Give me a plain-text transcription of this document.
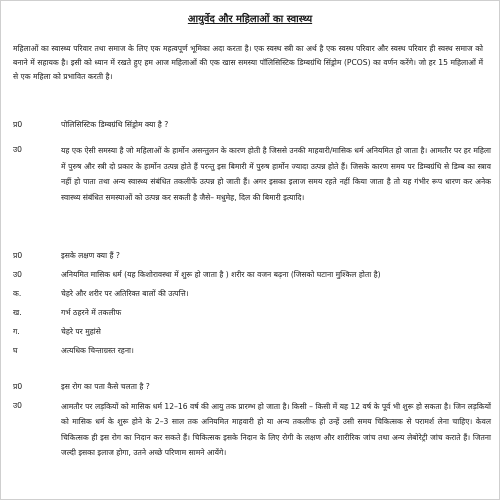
आयुर्वेद और महिलाओं का स्वास्थ्य

महिलाओं का स्वास्थ्य परिवार तथा समाज के लिए एक महत्वपूर्ण भूमिका अदा करता है। एक स्वस्थ स्त्री का अर्थ है एक स्वस्थ परिवार और स्वस्थ परिवार ही स्वस्थ समाज को बनाने में सहायक है। इसी को ध्यान में रखते हुए हम आज महिलाओं की एक खास समस्या पॉलिसिस्टिक डिम्बग्रंथि सिंड्रोम (PCOS) का वर्णन करेंगे। जो हर 15 महिलाओं में से एक महिला को प्रभावित करती है।

प्र0	पोलिसिस्टिक डिम्बग्रंथि सिंड्रोम क्या है ?

उ0	यह एक ऐसी समस्या है जो महिलाओं के हार्मोन असन्तुलन के कारण होती है जिससे उनकी माहवारी/मासिक धर्म अनियमित हो जाता है। आमतौर पर हर महिला में पुरुष और स्त्री दो प्रकार के हार्मोन उत्पन्न होते हैं परन्तु इस बिमारी में पुरुष हार्मोन ज्यादा उत्पन्न होते हैं। जिसके कारण समय पर डिम्बग्रंथि से डिम्ब का स्त्राव नहीं हो पाता तथा अन्य स्वास्थ्य संबंधित तकलीफें उत्पन्न हो जाती हैं। अगर इसका इलाज समय रहते नहीं किया जाता है तो यह गंभीर रूप धारण कर अनेक स्वास्थ्य संबंधित समस्याओं को उत्पन्न कर सकती है जैसे– मधुमेह, दिल की बिमारी इत्यादि।

प्र0	इसके लक्षण क्या हैं ?

उ0	अनियमित मासिक धर्म (यह किशोरावस्था में शुरू हो जाता है ) शरीर का वजन बढ़ना (जिसको घटाना मुश्किल होता है)

क.	चेहरे और शरीर पर अतिरिक्त बालों की उत्पत्ति।

ख.	गर्भ ठहरने में तकलीफ

ग.	चेहरे पर मुहांसे

घ	अत्यधिक चिन्ताग्रस्त रहना।

प्र0	इस रोग का पता कैसे चलता है ?

उ0	आमतौर पर लड़कियों को मासिक धर्म 12–16 वर्ष की आयु तक प्रारम्भ हो जाता है। किसी – किसी में यह 12 वर्ष के पूर्व भी शुरू हो सकता है। जिन लड़कियों को मासिक धर्म के शुरू होने के 2–3 साल तक अनियमित माहवारी हो या अन्य तकलीफ हो उन्हें उसी समय चिकित्सक से परामर्श लेना चाहिए। केवल चिकित्सक ही इस रोग का निदान कर सकते हैं। चिकित्सक इसके निदान के लिए रोगी के लक्षण और शारीरिक जांच तथा अन्य लेबोरेट्री जांच कराते हैं। जितना जल्दी इसका इलाज होगा, उतने अच्छे परिणाम सामने आयेंगे।
